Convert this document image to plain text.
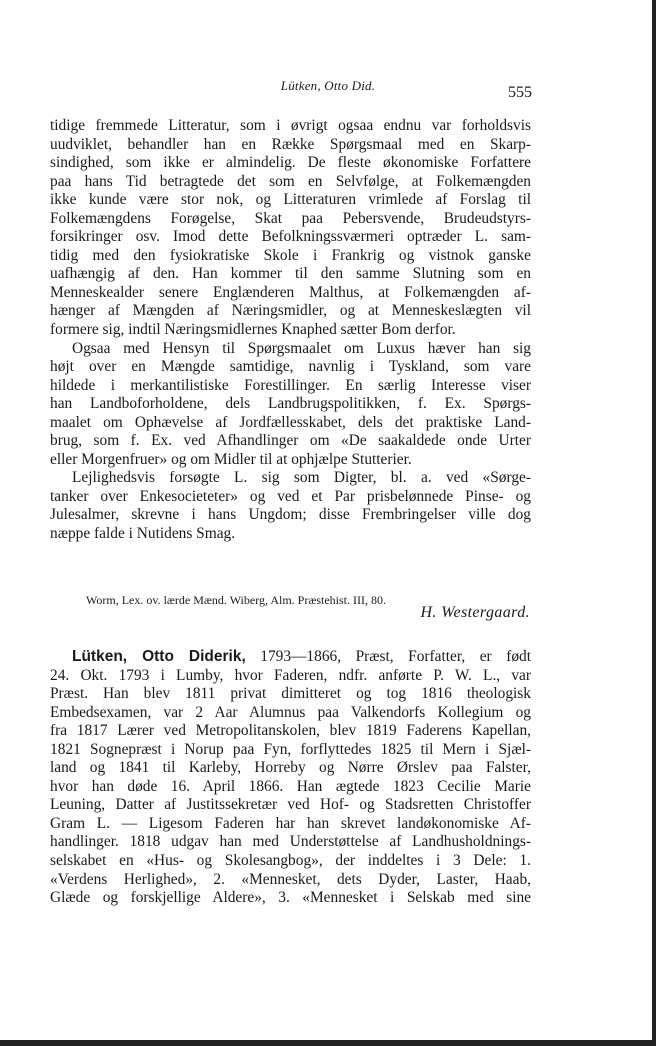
Lütken, Otto Did.	555
tidige fremmede Litteratur, som i øvrigt ogsaa endnu var forholdsvis
uudviklet, behandler han en Række Spørgsmaal med en Skarp-
sindighed, som ikke er almindelig. De fleste økonomiske Forfattere
paa hans Tid betragtede det som en Selvfølge, at Folkemængden
ikke kunde være stor nok, og Litteraturen vrimlede af Forslag til
Folkemængdens Forøgelse, Skat paa Pebersvende, Brudeudstyrs-
forsikringer osv. Imod dette Befolkningssværmeri optræder L. sam-
tidig med den fysiokratiske Skole i Frankrig og vistnok ganske
uafhængig af den. Han kommer til den samme Slutning som en
Menneskealder senere Englænderen Malthus, at Folkemængden af-
hænger af Mængden af Næringsmidler, og at Menneskeslægten vil
formere sig, indtil Næringsmidlernes Knaphed sætter Bom derfor.
Ogsaa med Hensyn til Spørgsmaalet om Luxus hæver han sig
højt over en Mængde samtidige, navnlig i Tyskland, som vare
hildede i merkantilistiske Forestillinger. En særlig Interesse viser
han Landboforholdene, dels Landbrugspolitikken, f. Ex. Spørgs-
maalet om Ophævelse af Jordfællesskabet, dels det praktiske Land-
brug, som f. Ex. ved Afhandlinger om «De saakaldede onde Urter
eller Morgenfruer» og om Midler til at ophjælpe Stutterier.
Lejlighedsvis forsøgte L. sig som Digter, bl. a. ved «Sørge-
tanker over Enkesocieteter» og ved et Par prisbelønnede Pinse- og
Julesalmer, skrevne i hans Ungdom; disse Frembringelser ville dog
næppe falde i Nutidens Smag.
Worm, Lex. ov. lærde Mænd. Wiberg, Alm. Præstehist. III, 80.
H. Westergaard.
Lütken, Otto Diderik, 1793—1866, Præst, Forfatter, er født
24. Okt. 1793 i Lumby, hvor Faderen, ndfr. anførte P. W. L., var
Præst. Han blev 1811 privat dimitteret og tog 1816 theologisk
Embedsexamen, var 2 Aar Alumnus paa Valkendorfs Kollegium og
fra 1817 Lærer ved Metropolitanskolen, blev 1819 Faderens Kapellan,
1821 Sognepræst i Norup paa Fyn, forflyttedes 1825 til Mern i Sjæl-
land og 1841 til Karleby, Horreby og Nørre Ørslev paa Falster,
hvor han døde 16. April 1866. Han ægtede 1823 Cecilie Marie
Leuning, Datter af Justitssekretær ved Hof- og Stadsretten Christoffer
Gram L. — Ligesom Faderen har han skrevet landøkonomiske Af-
handlinger. 1818 udgav han med Understøttelse af Landhusholdnings-
selskabet en «Hus- og Skolesangbog», der inddeltes i 3 Dele: 1.
«Verdens Herlighed», 2. «Mennesket, dets Dyder, Laster, Haab,
Glæde og forskjellige Aldere», 3. «Mennesket i Selskab med sine
